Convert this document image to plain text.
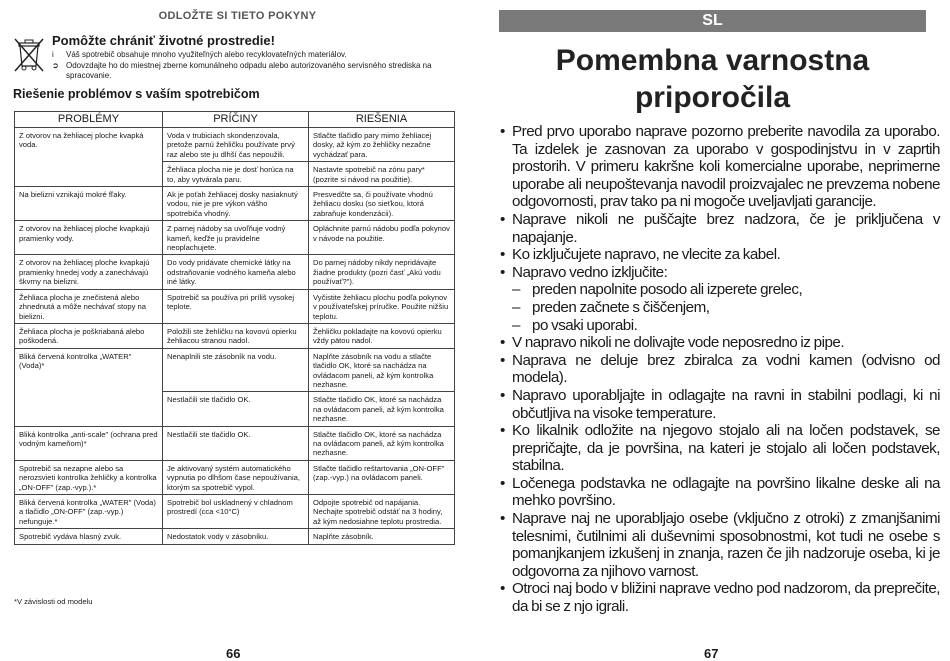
ODLOŽTE SI TIETO POKYNY
Pomôžte chrániť životné prostredie!
i Váš spotrebič obsahuje mnoho využiteľných alebo recyklovateľných materiálov.
➲ Odovzdajte ho do miestnej zberne komunálneho odpadu alebo autorizovaného servisného strediska na
spracovanie.
Riešenie problémov s vaším spotrebičom
PROBLÉMY	PRÍČINY	RIEŠENIA
Z otvorov na žehliacej ploche kvapká voda.	Voda v trubiciach skondenzovala, pretože parnú žehličku používate prvý raz alebo ste ju dlhší čas nepoužili.	Stlačte tlačidlo pary mimo žehliacej dosky, až kým zo žehličky nezačne vychádzať para.
	Žehliaca plocha nie je dosť horúca na to, aby vytvárala paru.	Nastavte spotrebič na zónu pary* (pozrite si návod na použitie).
Na bielizni vznikajú mokré fľaky.	Ak je poťah žehliacej dosky nasiaknutý vodou, nie je pre výkon vášho spotrebiča vhodný.	Presvedčte sa, či používate vhodnú žehliacu dosku (so sieťkou, ktorá zabraňuje kondenzácii).
Z otvorov na žehliacej ploche kvapkajú pramienky vody.	Z parnej nádoby sa uvoľňuje vodný kameň, keďže ju pravidelne neoplachujete.	Opláchnite parnú nádobu podľa pokynov v návode na použitie.
Z otvorov na žehliacej ploche kvapkajú pramienky hnedej vody a zanechávajú škvrny na bielizni.	Do vody pridávate chemické látky na odstraňovanie vodného kameňa alebo iné látky.	Do parnej nádoby nikdy nepridávajte žiadne produkty (pozri časť „Akú vodu používať?").
Žehliaca plocha je znečistená alebo zhnednutá a môže nechávať stopy na bielizni.	Spotrebič sa používa pri príliš vysokej teplote.	Vyčistite žehliacu plochu podľa pokynov v používateľskej príručke. Použite nižšiu teplotu.
Žehliaca plocha je poškriabaná alebo poškodená.	Položili ste žehličku na kovovú opierku žehliacou stranou nadol.	Žehličku pokladajte na kovovú opierku vždy pätou nadol.
Bliká červená kontrolka „WATER" (Voda)*	Nenaplnili ste zásobník na vodu.	Naplňte zásobník na vodu a stlačte tlačidlo OK, ktoré sa nachádza na ovládacom paneli, až kým kontrolka nezhasne.
	Nestlačili ste tlačidlo OK.	Stlačte tlačidlo OK, ktoré sa nachádza na ovládacom paneli, až kým kontrolka nezhasne.
Bliká kontrolka „anti-scale" (ochrana pred vodným kameňom)*	Nestlačili ste tlačidlo OK.	Stlačte tlačidlo OK, ktoré sa nachádza na ovládacom paneli, až kým kontrolka nezhasne.
Spotrebič sa nezapne alebo sa nerozsvieti kontrolka žehličky a kontrolka „ON-OFF" (zap.-vyp.).*	Je aktivovaný systém automatického vypnutia po dlhšom čase nepoužívania, ktorým sa spotrebič vypol.	Stlačte tlačidlo reštartovania „ON-OFF" (zap.-vyp.) na ovládacom paneli.
Bliká červená kontrolka „WATER" (Voda) a tlačidlo „ON-OFF" (zap.-vyp.) nefunguje.*	Spotrebič bol uskladnený v chladnom prostredí (cca <10°C)	Odpojte spotrebič od napájania. Nechajte spotrebič odstáť na 3 hodiny, až kým nedosiahne teplotu prostredia.
Spotrebič vydáva hlasný zvuk.	Nedostatok vody v zásobníku.	Naplňte zásobník.
*V závislosti od modelu
66
SL
Pomembna varnostna
priporočila
• Pred prvo uporabo naprave pozorno preberite navodila za uporabo. Ta izdelek je zasnovan za uporabo v gospodinjstvu in v zaprtih prostorih. V primeru kakršne koli komercialne uporabe, neprimerne uporabe ali neupoštevanja navodil proizvajalec ne prevzema nobene odgovornosti, prav tako pa ni mogoče uveljavljati garancije.
• Naprave nikoli ne puščajte brez nadzora, če je priključena v napajanje.
• Ko izključujete napravo, ne vlecite za kabel.
• Napravo vedno izključite:
– preden napolnite posodo ali izperete grelec,
– preden začnete s čiščenjem,
– po vsaki uporabi.
• V napravo nikoli ne dolivajte vode neposredno iz pipe.
• Naprava ne deluje brez zbiralca za vodni kamen (odvisno od modela).
• Napravo uporabljajte in odlagajte na ravni in stabilni podlagi, ki ni občutljiva na visoke temperature.
• Ko likalnik odložite na njegovo stojalo ali na ločen podstavek, se prepričajte, da je površina, na kateri je stojalo ali ločen podstavek, stabilna.
• Ločenega podstavka ne odlagajte na površino likalne deske ali na mehko površino.
• Naprave naj ne uporabljajo osebe (vključno z otroki) z zmanjšanimi telesnimi, čutilnimi ali duševnimi sposobnostmi, kot tudi ne osebe s pomanjkanjem izkušenj in znanja, razen če jih nadzoruje oseba, ki je odgovorna za njihovo varnost.
• Otroci naj bodo v bližini naprave vedno pod nadzorom, da preprečite, da bi se z njo igrali.
67
